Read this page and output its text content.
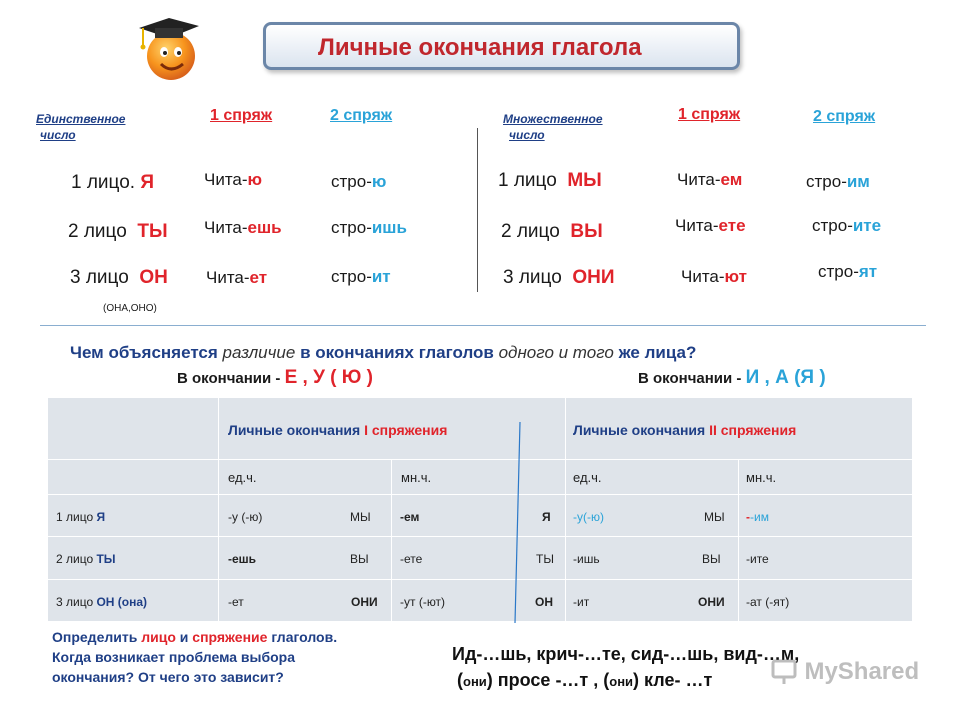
Личные окончания глагола
Единственное
число
1 спряж	2 спряж
1 лицо. Я	Чита-ю	стро-ю
2 лицо ТЫ Чита-ешь	стро-ишь
3 лицо ОН Чита-ет	стро-ит
(ОНА,ОНО)
Множественное
число
1 спряж	2 спряж
1 лицо МЫ	Чита-ем	стро-им
2 лицо ВЫ	Чита-ете	стро-ите
3 лицо ОНИ	Чита-ют	стро-ят
Чем объясняется различие в окончаниях глаголов одного и того же лица?
В окончании - Е , У ( Ю )	В окончании - И , А (Я )
Личные окончания I спряжения	Личные окончания II спряжения
ед.ч.	мн.ч.	ед.ч.	мн.ч.
1 лицо Я	-у (-ю)	МЫ -ем	Я -у(-ю)	МЫ --им
2 лицо ТЫ	-ешь	ВЫ	-ете	ТЫ -ишь	ВЫ -ите
3 лицо ОН (она)	-ет	ОНИ -ут (-ют)	ОН -ит	ОНИ -ат (-ят)
Определить лицо и спряжение глаголов.
Когда возникает проблема выбора
окончания? От чего это зависит?
Ид-…шь, крич-…те, сид-…шь, вид-…м,
(они) просе -…т , (они) кле- …т	MyShared
